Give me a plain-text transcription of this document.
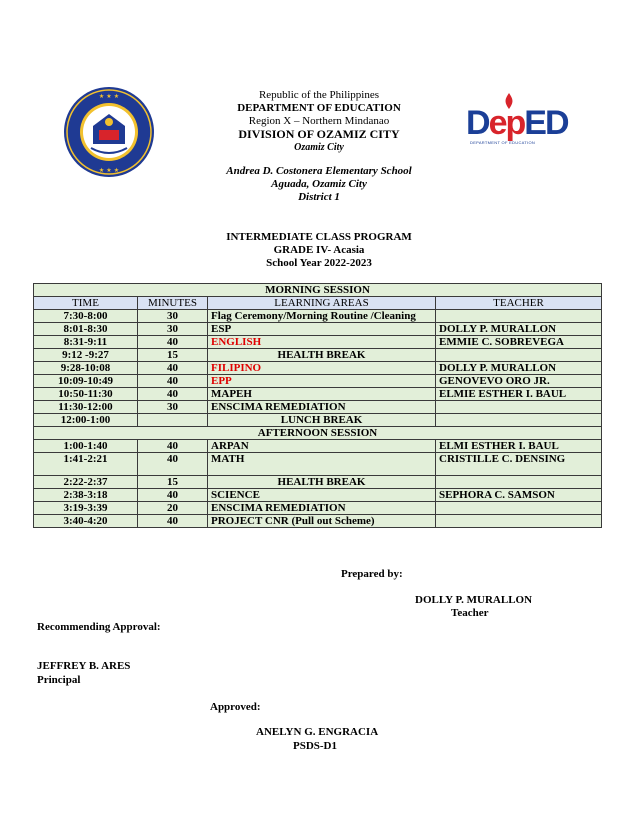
★ ★ ★
★ ★ ★
DepED
DEPARTMENT OF EDUCATION
Republic of the Philippines
DEPARTMENT OF EDUCATION
Region X – Northern Mindanao
DIVISION OF OZAMIZ CITY
Ozamiz City
Andrea D. Costonera Elementary School
Aguada, Ozamiz City
District 1
INTERMEDIATE CLASS PROGRAM
GRADE IV- Acasia
School Year 2022-2023
MORNING SESSION			
TIME	MINUTES	LEARNING AREAS	TEACHER
7:30-8:00	30	Flag Ceremony/Morning Routine /Cleaning	
8:01-8:30	30	ESP	DOLLY P. MURALLON
8:31-9:11	40	ENGLISH	EMMIE C. SOBREVEGA
9:12 -9:27	15	HEALTH BREAK	
9:28-10:08	40	FILIPINO	DOLLY P. MURALLON
10:09-10:49	40	EPP	GENOVEVO ORO JR.
10:50-11:30	40	MAPEH	ELMIE ESTHER I. BAUL
11:30-12:00	30	ENSCIMA REMEDIATION	
12:00-1:00		LUNCH BREAK	
AFTERNOON SESSION			
1:00-1:40	40	ARPAN	ELMI ESTHER I. BAUL
1:41-2:21	40	MATH	CRISTILLE C. DENSING
2:22-2:37	15	HEALTH BREAK	
2:38-3:18	40	SCIENCE	SEPHORA C. SAMSON
3:19-3:39	20	ENSCIMA REMEDIATION	
3:40-4:20	40	PROJECT CNR (Pull out Scheme)	
Prepared by:
DOLLY P. MURALLON
Teacher
Recommending Approval:
JEFFREY B. ARES
Principal
Approved:
ANELYN G. ENGRACIA
PSDS-D1
